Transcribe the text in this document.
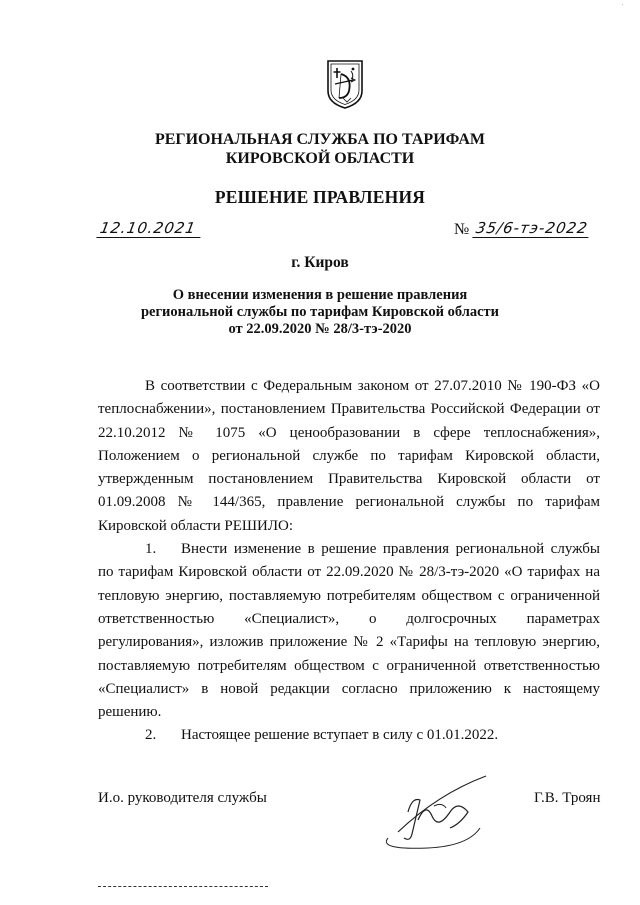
'
РЕГИОНАЛЬНАЯ СЛУЖБА ПО ТАРИФАМ
КИРОВСКОЙ ОБЛАСТИ
РЕШЕНИЕ ПРАВЛЕНИЯ
12.10.2021	№ 35/6-тэ-2022
г. Киров
О внесении изменения в решение правления
региональной службы по тарифам Кировской области
от 22.09.2020 № 28/3-тэ-2020

В соответствии с Федеральным законом от 27.07.2010 № 190-ФЗ «О теплоснабжении», постановлением Правительства Российской Федерации от 22.10.2012 № 1075 «О ценообразовании в сфере теплоснабжения», Положением о региональной службе по тарифам Кировской области, утвержденным постановлением Правительства Кировской области от 01.09.2008 № 144/365, правление региональной службы по тарифам Кировской области РЕШИЛО:

1. Внести изменение в решение правления региональной службы по тарифам Кировской области от 22.09.2020 № 28/3-тэ-2020 «О тарифах на тепловую энергию, поставляемую потребителям обществом с ограниченной ответственностью «Специалист», о долгосрочных параметрах регулирования», изложив приложение № 2 «Тарифы на тепловую энергию, поставляемую потребителям обществом с ограниченной ответственностью «Специалист» в новой редакции согласно приложению к настоящему решению.

2. Настоящее решение вступает в силу с 01.01.2022.

И.о. руководителя службы	Г.В. Троян
